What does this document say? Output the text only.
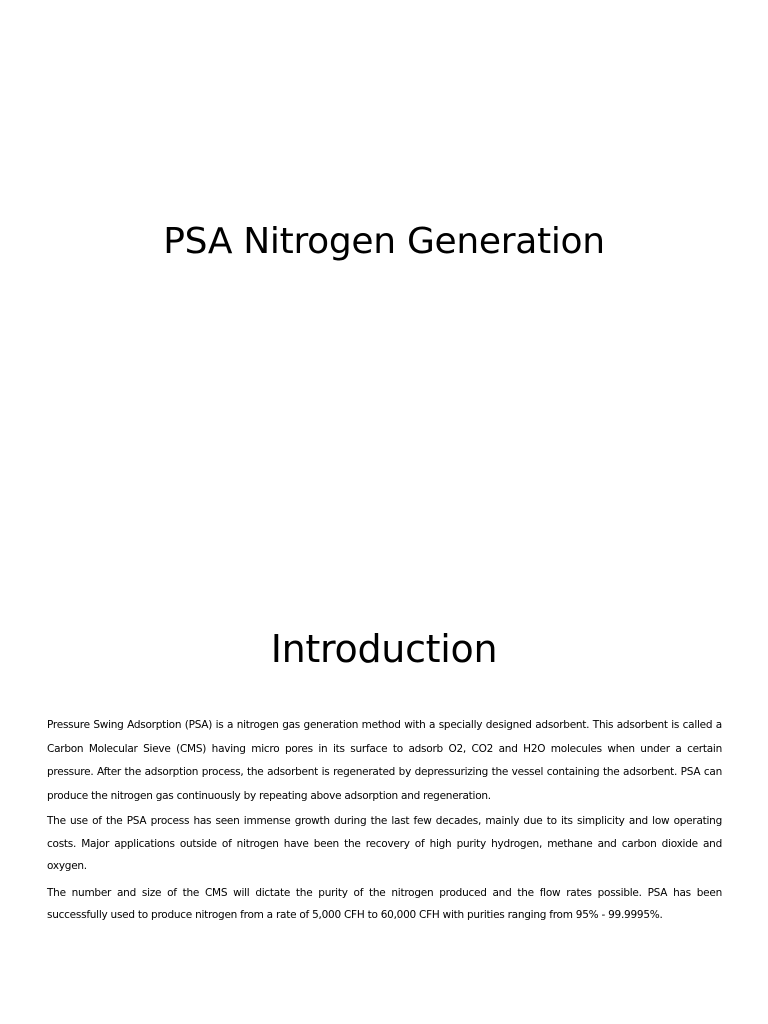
PSA Nitrogen Generation
Introduction

Pressure Swing Adsorption (PSA) is a nitrogen gas generation method with a specially designed adsorbent. This adsorbent is called a Carbon Molecular Sieve (CMS) having micro pores in its surface to adsorb O2, CO2 and H2O molecules when under a certain pressure. After the adsorption process, the adsorbent is regenerated by depressurizing the vessel containing the adsorbent. PSA can produce the nitrogen gas continuously by repeating above adsorption and regeneration.

The use of the PSA process has seen immense growth during the last few decades, mainly due to its simplicity and low operating costs. Major applications outside of nitrogen have been the recovery of high purity hydrogen, methane and carbon dioxide and oxygen.

The number and size of the CMS will dictate the purity of the nitrogen produced and the flow rates possible. PSA has been successfully used to produce nitrogen from a rate of 5,000 CFH to 60,000 CFH with purities ranging from 95% - 99.9995%.
